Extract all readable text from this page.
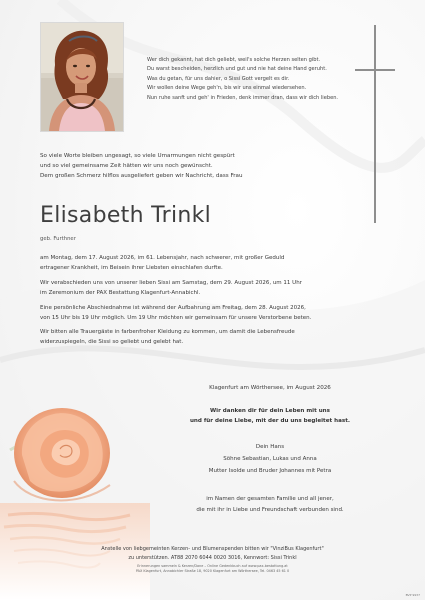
Wer dich gekannt, hat dich geliebt, weil's solche Herzen selten gibt.
Du warst bescheiden, herzlich und gut und nie hat deine Hand geruht.
Was du getan, für uns dahier, o Sissi Gott vergelt es dir.
Wir wollen deine Wege geh'n, bis wir uns einmal wiedersehen.
Nun ruhe sanft und geh' in Frieden, denk immer dran, dass wir dich lieben.
So viele Worte bleiben ungesagt, so viele Umarmungen nicht gespürt
und so viel gemeinsame Zeit hätten wir uns noch gewünscht.
Dem großen Schmerz hilflos ausgeliefert geben wir Nachricht, dass Frau
Elisabeth Trinkl
geb. Furthner
am Montag, dem 17. August 2026, im 61. Lebensjahr, nach schwerer, mit großer Geduld
ertragener Krankheit, im Beisein ihrer Liebsten einschlafen durfte.
Wir verabschieden uns von unserer lieben Sissi am Samstag, dem 29. August 2026, um 11 Uhr
im Zeremonium der PAX Bestattung Klagenfurt-Annabichl.
Eine persönliche Abschiednahme ist während der Aufbahrung am Freitag, dem 28. August 2026,
von 15 Uhr bis 19 Uhr möglich. Um 19 Uhr möchten wir gemeinsam für unsere Verstorbene beten.
Wir bitten alle Trauergäste in farbenfroher Kleidung zu kommen, um damit die Lebensfreude
widerzuspiegeln, die Sissi so geliebt und gelebt hat.
Klagenfurt am Wörthersee, im August 2026
Wir danken dir für dein Leben mit uns
und für deine Liebe, mit der du uns begleitet hast.
Dein Hans
Söhne Sebastian, Lukas und Anna
Mutter Isolde und Bruder Johannes mit Petra
im Namen der gesamten Familie und all jener,
die mit ihr in Liebe und Freundschaft verbunden sind.
Anstelle von liebgemeinten Kerzen- und Blumenspenden bitten wir "VinziBus Klagenfurt"
zu unterstützen. AT88 2070 6044 0020 3016, Kennwort: Sissi Trinkl
Erinnerungen sammeln & Kerzen/Dane – Online Gedenkbuch auf www.pax-bestattung.at
PAX Klagenfurt, Annabichler Straße 18, 9020 Klagenfurt am Wörthersee, Tel. 0463 45 61 0
BVP 9937
